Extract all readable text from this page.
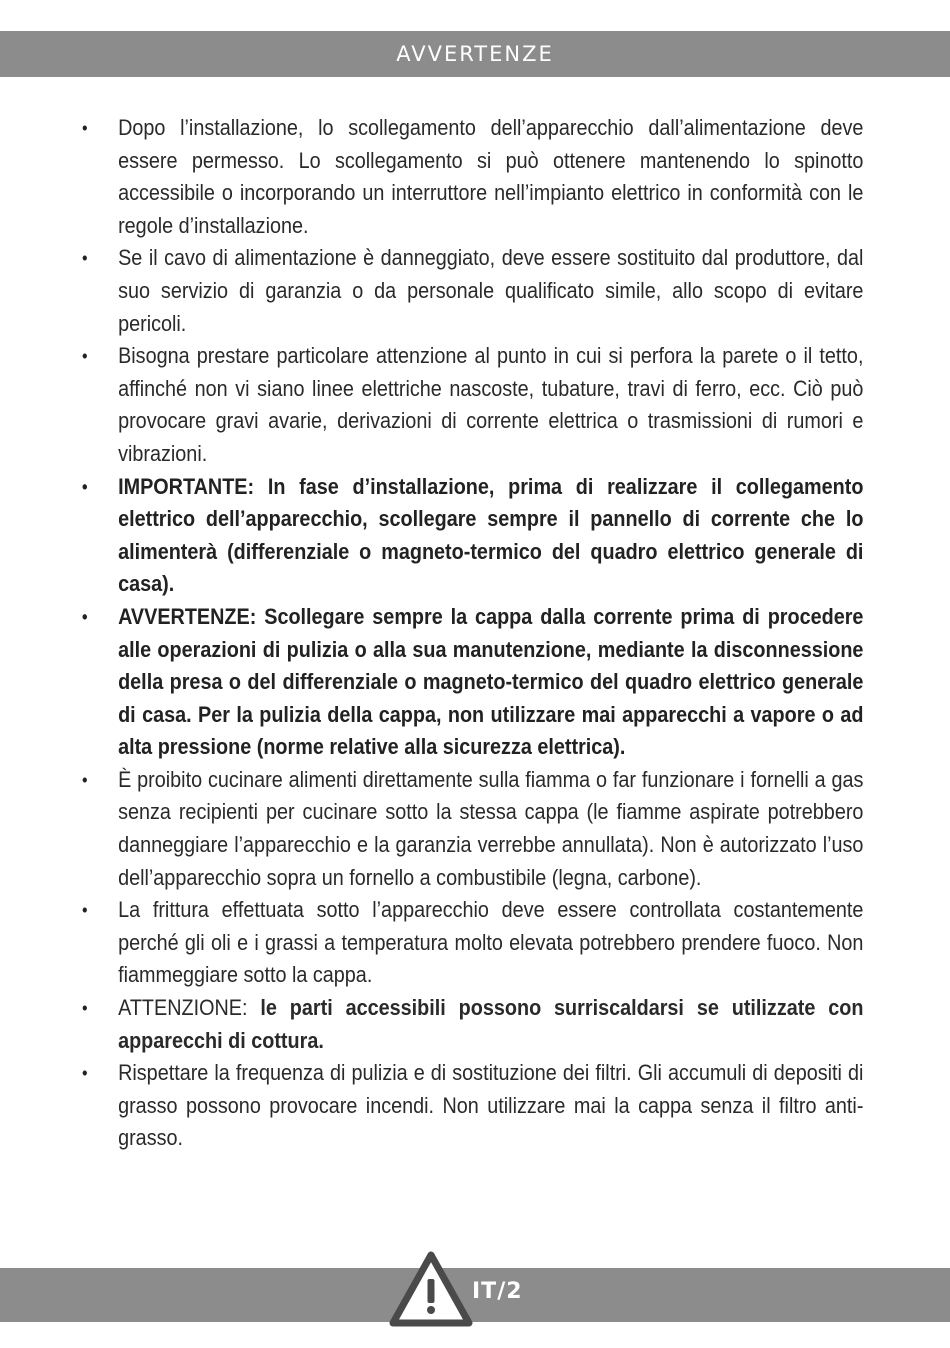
AVVERTENZE
•	Dopo l’installazione, lo scollegamento dell’apparecchio dall’alimentazione deve essere permesso. Lo scollegamento si può ottenere mantenendo lo spinotto accessibile o incorporando un interruttore nell’impianto elettrico in conformità con le regole d’installazione.
•	Se il cavo di alimentazione è danneggiato, deve essere sostituito dal produttore, dal suo servizio di garanzia o da personale qualificato simile, allo scopo di evitare pericoli.
•	Bisogna prestare particolare attenzione al punto in cui si perfora la parete o il tetto, affinché non vi siano linee elettriche nascoste, tubature, travi di ferro, ecc. Ciò può provocare gravi avarie, derivazioni di corrente elettrica o trasmissioni di rumori e vibrazioni.
•	IMPORTANTE: In fase d’installazione, prima di realizzare il collegamento elettrico dell’apparecchio, scollegare sempre il pannello di corrente che lo alimenterà (differenziale o magneto-termico del quadro elettrico generale di casa).
•	AVVERTENZE: Scollegare sempre la cappa dalla corrente prima di procedere alle operazioni di pulizia o alla sua manutenzione, mediante la disconnessione della presa o del differenziale o magneto-termico del quadro elettrico generale di casa. Per la pulizia della cappa, non utilizzare mai apparecchi a vapore o ad alta pressione (norme relative alla sicurezza elettrica).
•	È proibito cucinare alimenti direttamente sulla fiamma o far funzionare i fornelli a gas senza recipienti per cucinare sotto la stessa cappa (le fiamme aspirate potrebbero danneggiare l’apparecchio e la garanzia verrebbe annullata). Non è autorizzato l’uso dell’apparecchio sopra un fornello a combustibile (legna, carbone).
•	La frittura effettuata sotto l’apparecchio deve essere controllata costantemente perché gli oli e i grassi a temperatura molto elevata potrebbero prendere fuoco. Non fiammeggiare sotto la cappa.
•	ATTENZIONE: le parti accessibili possono surriscaldarsi se utilizzate con apparecchi di cottura.
•	Rispettare la frequenza di pulizia e di sostituzione dei filtri. Gli accumuli di depositi di grasso possono provocare incendi. Non utilizzare mai la cappa senza il filtro anti-grasso.
IT/2
